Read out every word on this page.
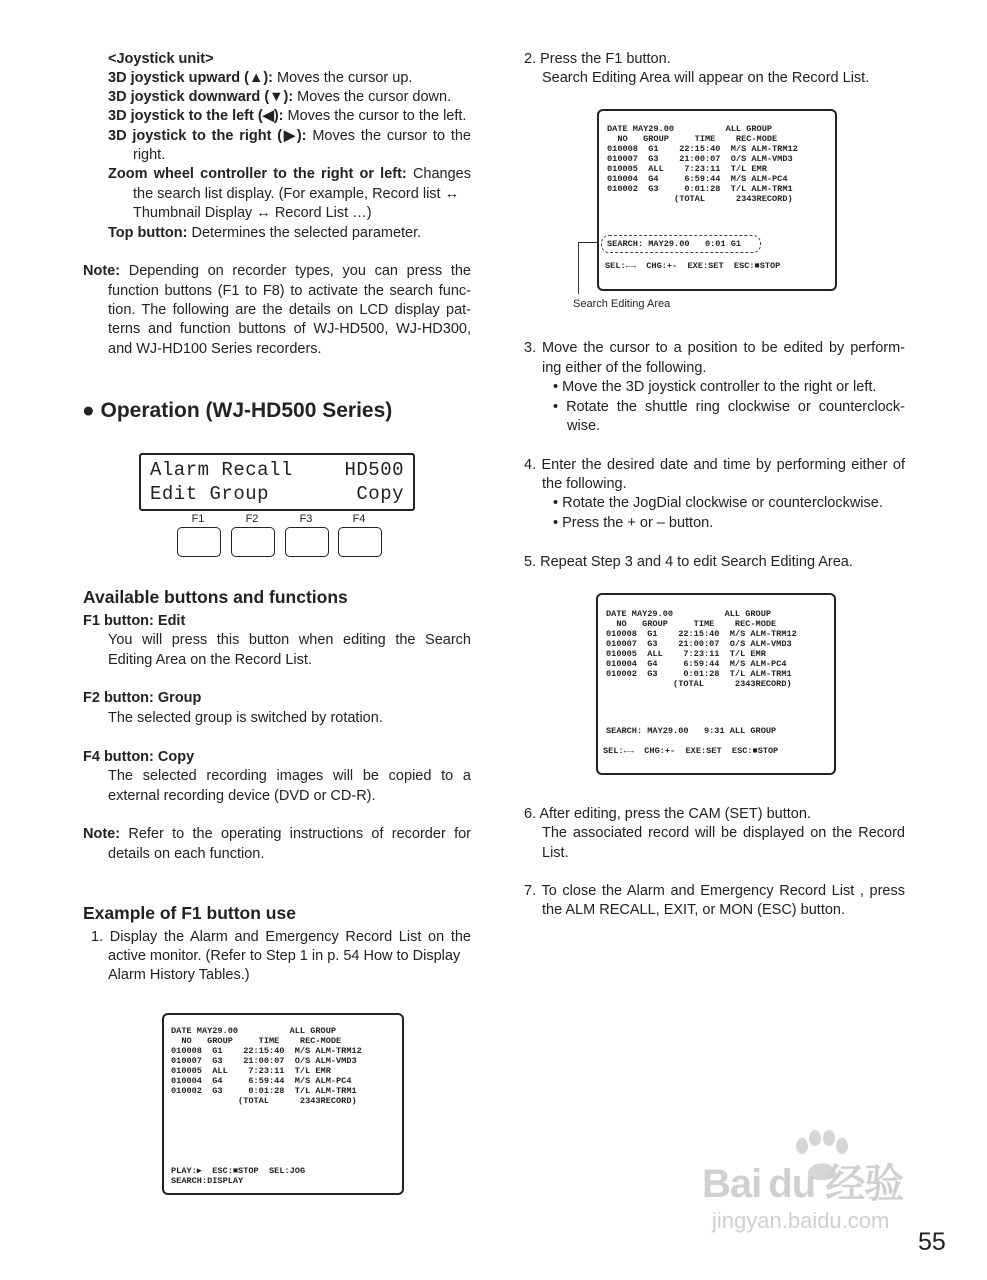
<Joystick unit>
3D joystick upward (▲): Moves the cursor up.
3D joystick downward (▼): Moves the cursor down.
3D joystick to the left (◀): Moves the cursor to the left.
3D joystick to the right (▶): Moves the cursor to the
right.
Zoom wheel controller to the right or left: Changes
the search list display. (For example, Record list ↔
Thumbnail Display ↔ Record List …)
Top button: Determines the selected parameter.
Note: Depending on recorder types, you can press the
function buttons (F1 to F8) to activate the search func-
tion. The following are the details on LCD display pat-
terns and function buttons of WJ-HD500, WJ-HD300,
and WJ-HD100 Series recorders.
● Operation (WJ-HD500 Series)
Alarm Recall	HD500
Edit Group	Copy
F1	F2	F3	F4
Available buttons and functions
F1 button: Edit
You will press this button when editing the Search
Editing Area on the Record List.
F2 button: Group
The selected group is switched by rotation.
F4 button: Copy
The selected recording images will be copied to a
external recording device (DVD or CD-R).
Note: Refer to the operating instructions of recorder for
details on each function.
Example of F1 button use
1. Display the Alarm and Emergency Record List on the
active monitor. (Refer to Step 1 in p. 54 How to Display
Alarm History Tables.)
DATE MAY29.00          ALL GROUP
NO   GROUP     TIME    REC-MODE
010008  G1    22:15:40  M/S ALM-TRM12
010007  G3    21:00:07  O/S ALM-VMD3
010005  ALL    7:23:11  T/L EMR
010004  G4     6:59:44  M/S ALM-PC4
010002  G3     0:01:28  T/L ALM-TRM1
(TOTAL      2343RECORD)
PLAY:▶  ESC:■STOP  SEL:JOG
SEARCH:DISPLAY
2. Press the F1 button.
Search Editing Area will appear on the Record List.
DATE MAY29.00          ALL GROUP
NO   GROUP     TIME    REC-MODE
010008  G1    22:15:40  M/S ALM-TRM12
010007  G3    21:00:07  O/S ALM-VMD3
010005  ALL    7:23:11  T/L EMR
010004  G4     6:59:44  M/S ALM-PC4
010002  G3     0:01:28  T/L ALM-TRM1
(TOTAL      2343RECORD)
SEARCH: MAY29.00   0:01 G1
SEL:←→  CHG:+-  EXE:SET  ESC:■STOP
Search Editing Area
3. Move the cursor to a position to be edited by perform-
ing either of the following.
• Move the 3D joystick controller to the right or left.
• Rotate the shuttle ring clockwise or counterclock-
wise.
4. Enter the desired date and time by performing either of
the following.
• Rotate the JogDial clockwise or counterclockwise.
• Press the + or – button.
5. Repeat Step 3 and 4 to edit Search Editing Area.
DATE MAY29.00          ALL GROUP
NO   GROUP     TIME    REC-MODE
010008  G1    22:15:40  M/S ALM-TRM12
010007  G3    21:00:07  O/S ALM-VMD3
010005  ALL    7:23:11  T/L EMR
010004  G4     6:59:44  M/S ALM-PC4
010002  G3     0:01:28  T/L ALM-TRM1
(TOTAL      2343RECORD)
SEARCH: MAY29.00   9:31 ALL GROUP
SEL:←→  CHG:+-  EXE:SET  ESC:■STOP
6. After editing, press the CAM (SET) button.
The associated record will be displayed on the Record
List.
7. To close the Alarm and Emergency Record List , press
the ALM RECALL, EXIT, or MON (ESC) button.
Bai du 经验
jingyan.baidu.com
55
